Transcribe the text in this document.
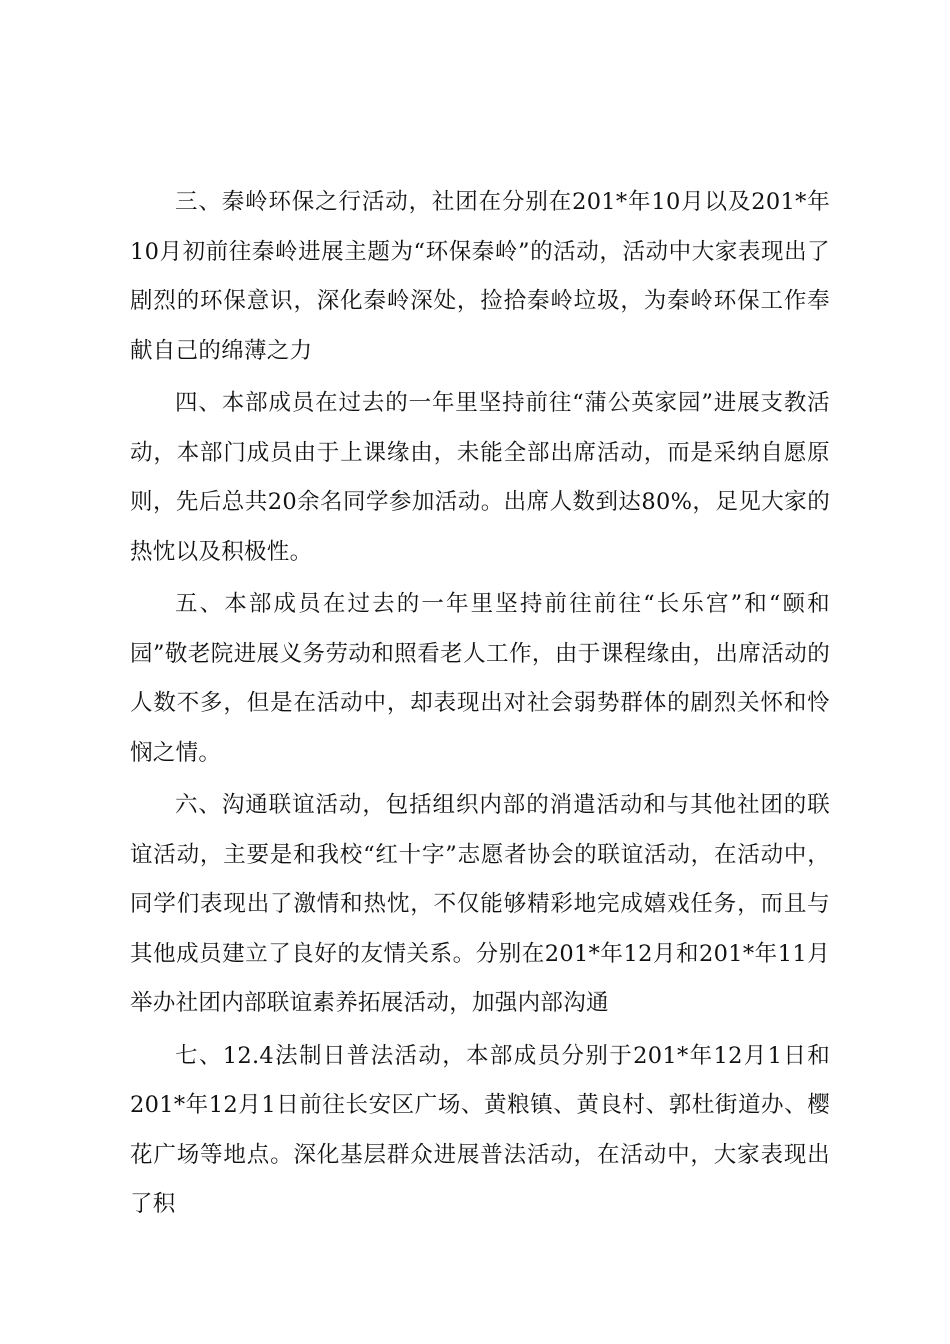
三、秦岭环保之行活动，社团在分别在201*年10月以及201*年10月初前往秦岭进展主题为“环保秦岭”的活动，活动中大家表现出了剧烈的环保意识，深化秦岭深处，捡拾秦岭垃圾，为秦岭环保工作奉献自己的绵薄之力

四、本部成员在过去的一年里坚持前往“蒲公英家园”进展支教活动，本部门成员由于上课缘由，未能全部出席活动，而是采纳自愿原则，先后总共20余名同学参加活动。出席人数到达80%，足见大家的热忱以及积极性。

五、本部成员在过去的一年里坚持前往前往“长乐宫”和“颐和园”敬老院进展义务劳动和照看老人工作，由于课程缘由，出席活动的人数不多，但是在活动中，却表现出对社会弱势群体的剧烈关怀和怜悯之情。

六、沟通联谊活动，包括组织内部的消遣活动和与其他社团的联谊活动，主要是和我校“红十字”志愿者协会的联谊活动，在活动中，同学们表现出了激情和热忱，不仅能够精彩地完成嬉戏任务，而且与其他成员建立了良好的友情关系。分别在201*年12月和201*年11月举办社团内部联谊素养拓展活动，加强内部沟通

七、12.4法制日普法活动，本部成员分别于201*年12月1日和201*年12月1日前往长安区广场、黄粮镇、黄良村、郭杜街道办、樱花广场等地点。深化基层群众进展普法活动，在活动中，大家表现出了积
